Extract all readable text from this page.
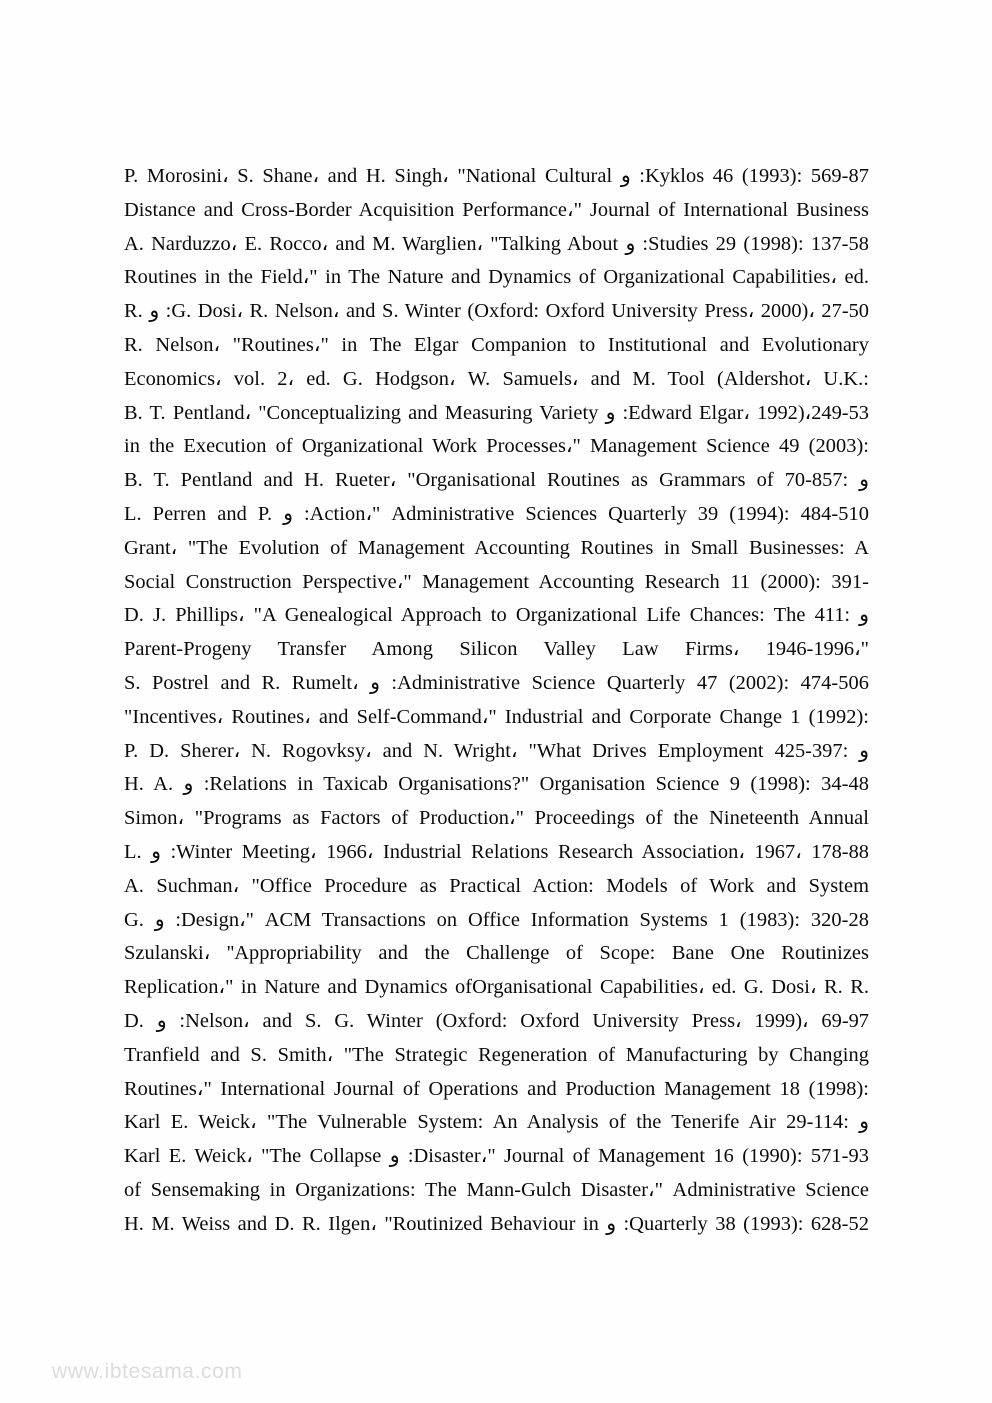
P. Morosini، S. Shane، and H. Singh، "National Cultural و :Kyklos 46 (1993): 569-87
Distance and Cross-Border Acquisition Performance،" Journal of International Business
A. Narduzzo، E. Rocco، and M. Warglien، "Talking About و :Studies 29 (1998): 137-58
Routines in the Field،" in The Nature and Dynamics of Organizational Capabilities، ed.
R. و :G. Dosi، R. Nelson، and S. Winter (Oxford: Oxford University Press، 2000)، 27-50
R. Nelson، "Routines،" in The Elgar Companion to Institutional and Evolutionary
Economics، vol. 2، ed. G. Hodgson، W. Samuels، and M. Tool (Aldershot، U.K.:
B. T. Pentland، "Conceptualizing and Measuring Variety و :Edward Elgar، 1992)،249-53
in the Execution of Organizational Work Processes،" Management Science 49 (2003):
B. T. Pentland and H. Rueter، "Organisational Routines as Grammars of و :857-70
L. Perren and P. و :Action،" Administrative Sciences Quarterly 39 (1994): 484-510
Grant، "The Evolution of Management Accounting Routines in Small Businesses: A
Social Construction Perspective،" Management Accounting Research 11 (2000): 391-
D. J. Phillips، "A Genealogical Approach to Organizational Life Chances: The و :411
Parent-Progeny Transfer Among Silicon Valley Law Firms، 1946-1996،"
S. Postrel and R. Rumelt، و :Administrative Science Quarterly 47 (2002): 474-506
"Incentives، Routines، and Self-Command،" Industrial and Corporate Change 1 (1992):
P. D. Sherer، N. Rogovksy، and N. Wright، "What Drives Employment و :397-425
H. A. و :Relations in Taxicab Organisations?" Organisation Science 9 (1998): 34-48
Simon، "Programs as Factors of Production،" Proceedings of the Nineteenth Annual
L. و :Winter Meeting، 1966، Industrial Relations Research Association، 1967، 178-88
A. Suchman، "Office Procedure as Practical Action: Models of Work and System
G. و :Design،" ACM Transactions on Office Information Systems 1 (1983): 320-28
Szulanski، ''Appropriability and the Challenge of Scope: Bane One Routinizes
Replication،" in Nature and Dynamics ofOrganisational Capabilities، ed. G. Dosi، R. R.
D. و :Nelson، and S. G. Winter (Oxford: Oxford University Press، 1999)، 69-97
Tranfield and S. Smith، "The Strategic Regeneration of Manufacturing by Changing
Routines،" International Journal of Operations and Production Management 18 (1998):
Karl E. Weick، "The Vulnerable System: An Analysis of the Tenerife Air و :114-29
Karl E. Weick، "The Collapse و :Disaster،" Journal of Management 16 (1990): 571-93
of Sensemaking in Organizations: The Mann-Gulch Disaster،" Administrative Science
H. M. Weiss and D. R. Ilgen، "Routinized Behaviour in و :Quarterly 38 (1993): 628-52
www.ibtesama.com
